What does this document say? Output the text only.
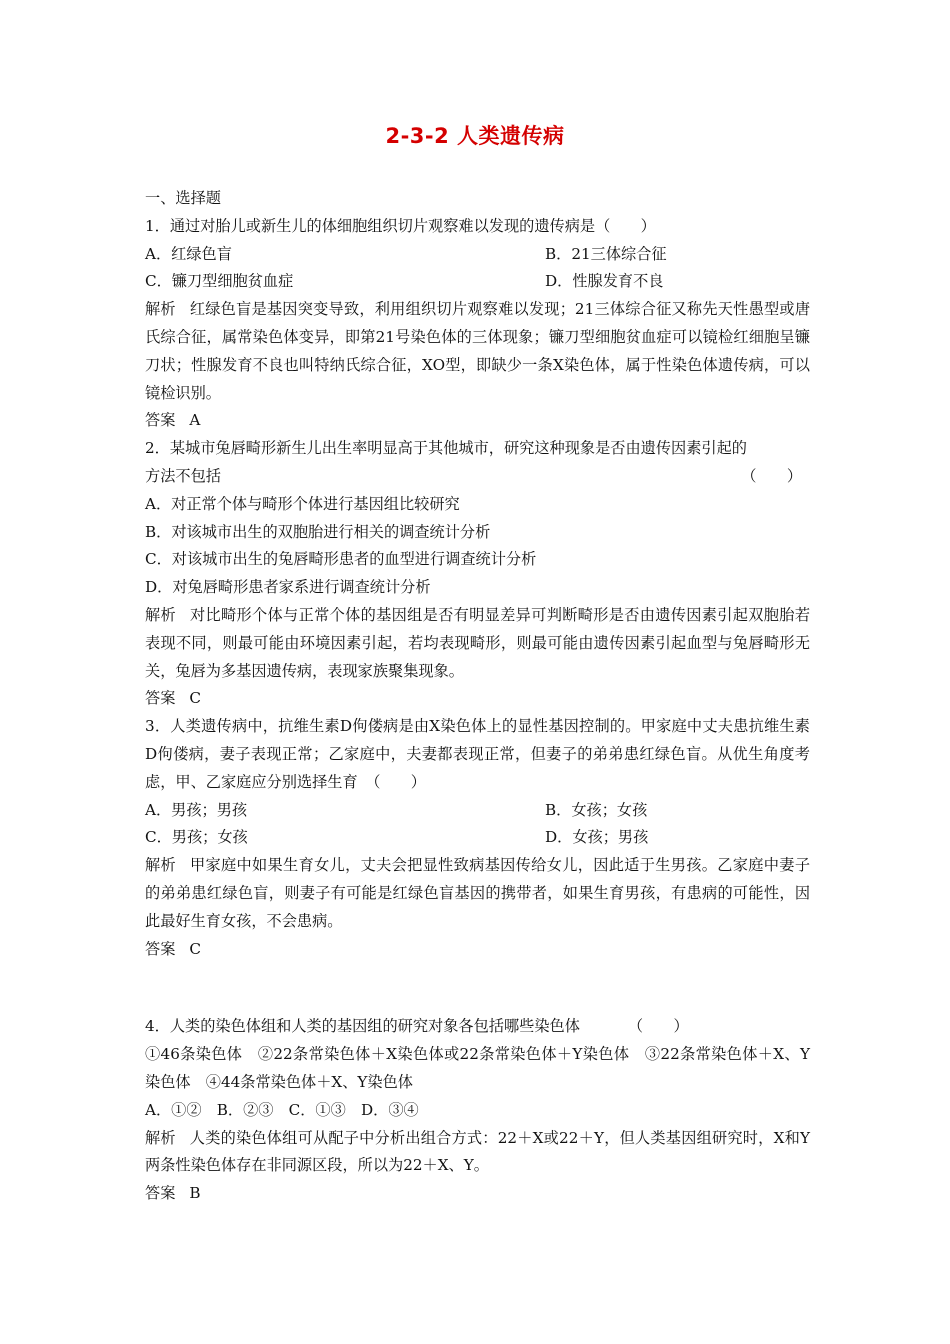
2-3-2 人类遗传病
一、选择题
1．通过对胎儿或新生儿的体细胞组织切片观察难以发现的遗传病是（　　）
A．红绿色盲	B．21三体综合征
C．镰刀型细胞贫血症	D．性腺发育不良
解析 红绿色盲是基因突变导致，利用组织切片观察难以发现；21三体综合征又称先天性愚型或唐氏综合征，属常染色体变异，即第21号染色体的三体现象；镰刀型细胞贫血症可以镜检红细胞呈镰刀状；性腺发育不良也叫特纳氏综合征，XO型，即缺少一条X染色体，属于性染色体遗传病，可以镜检识别。
答案 A
2．某城市兔唇畸形新生儿出生率明显高于其他城市，研究这种现象是否由遗传因素引起的
方法不包括	（　　）
A．对正常个体与畸形个体进行基因组比较研究
B．对该城市出生的双胞胎进行相关的调查统计分析
C．对该城市出生的兔唇畸形患者的血型进行调查统计分析
D．对兔唇畸形患者家系进行调查统计分析
解析 对比畸形个体与正常个体的基因组是否有明显差异可判断畸形是否由遗传因素引起双胞胎若表现不同，则最可能由环境因素引起，若均表现畸形，则最可能由遗传因素引起血型与兔唇畸形无关，兔唇为多基因遗传病，表现家族聚集现象。
答案 C
3．人类遗传病中，抗维生素D佝偻病是由X染色体上的显性基因控制的。甲家庭中丈夫患抗维生素D佝偻病，妻子表现正常；乙家庭中，夫妻都表现正常，但妻子的弟弟患红绿色盲。从优生角度考虑，甲、乙家庭应分别选择生育　（　　）
A．男孩；男孩	B．女孩；女孩
C．男孩；女孩	D．女孩；男孩
解析 甲家庭中如果生育女儿，丈夫会把显性致病基因传给女儿，因此适于生男孩。乙家庭中妻子的弟弟患红绿色盲，则妻子有可能是红绿色盲基因的携带者，如果生育男孩，有患病的可能性，因此最好生育女孩，不会患病。
答案 C
4．人类的染色体组和人类的基因组的研究对象各包括哪些染色体	（　　）
①46条染色体　②22条常染色体＋X染色体或22条常染色体＋Y染色体　③22条常染色体＋X、Y染色体　④44条常染色体＋X、Y染色体
A．①②　B．②③　C．①③　D．③④
解析 人类的染色体组可从配子中分析出组合方式：22＋X或22＋Y，但人类基因组研究时，X和Y两条性染色体存在非同源区段，所以为22＋X、Y。
答案 B
